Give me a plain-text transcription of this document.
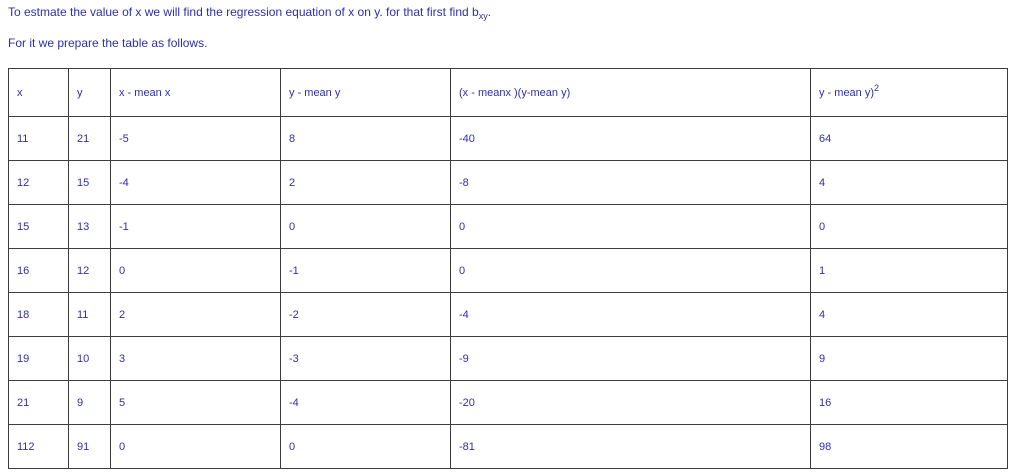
To estmate the value of x we will find the regression equation of x on y. for that first find $b_{xy}$.
For it we prepare the table as follows.
x	y	x - mean x	y - mean y	(x - meanx )(y-mean y)	y - mean y)$^2$
11	21	-5	8	-40	64
12	15	-4	2	-8	4
15	13	-1	0	0	0
16	12	0	-1	0	1
18	11	2	-2	-4	4
19	10	3	-3	-9	9
21	9	5	-4	-20	16
112	91	0	0	-81	98
